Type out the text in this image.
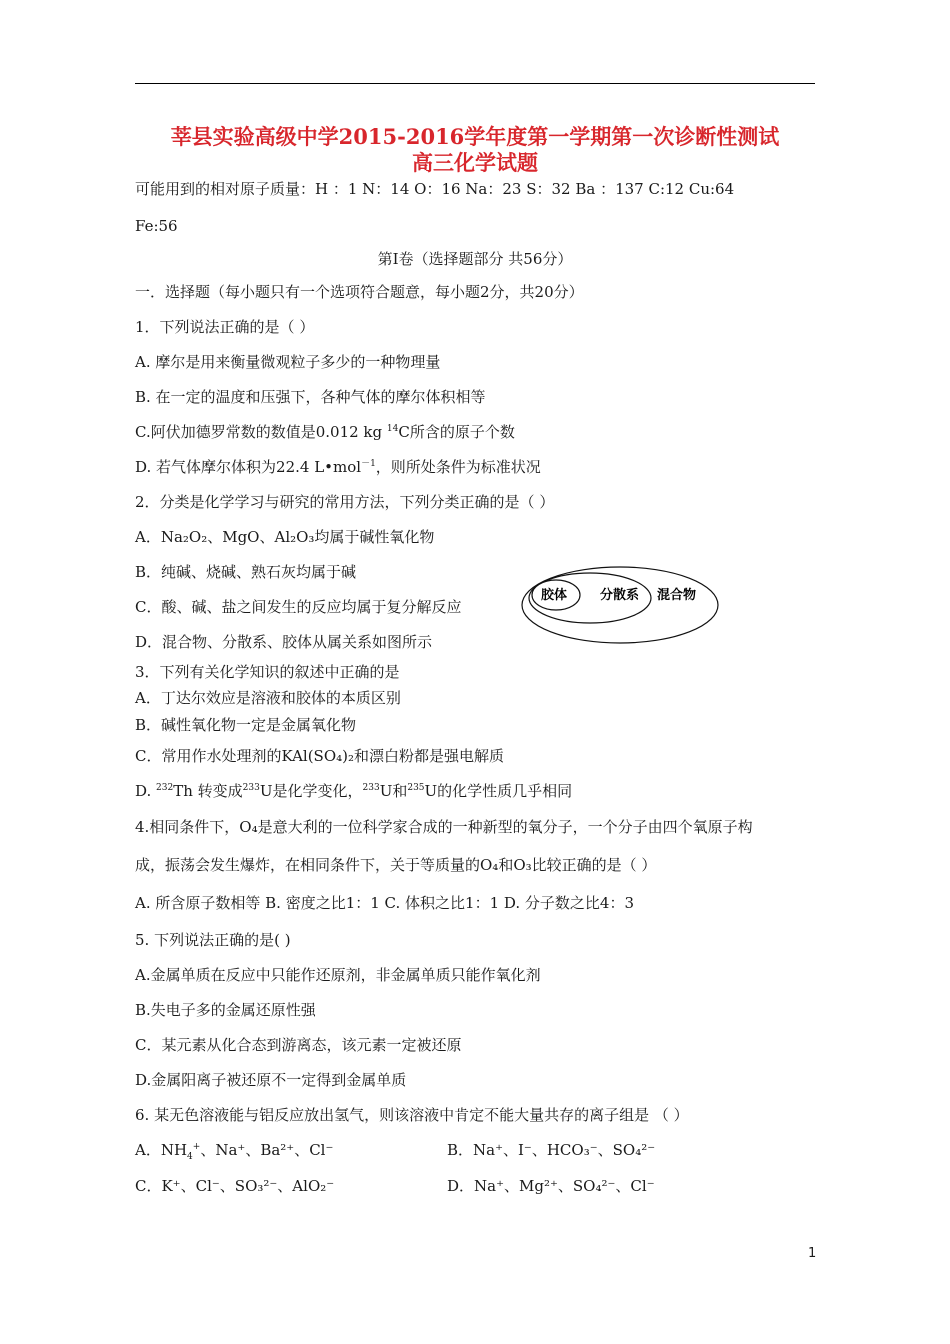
莘县实验高级中学2015-2016学年度第一学期第一次诊断性测试
高三化学试题
可能用到的相对原子质量：H ：1 N：14 O：16 Na：23 S：32 Ba ：137 C:12 Cu:64
Fe:56
第Ⅰ卷（选择题部分 共56分）
一．选择题（每小题只有一个选项符合题意，每小题2分，共20分）
1．下列说法正确的是（ ）
A. 摩尔是用来衡量微观粒子多少的一种物理量
B. 在一定的温度和压强下，各种气体的摩尔体积相等
C.阿伏加德罗常数的数值是0.012 kg $^{14}$C所含的原子个数
D. 若气体摩尔体积为22.4 L•mol$^{-1}$，则所处条件为标准状况
2．分类是化学学习与研究的常用方法，下列分类正确的是（ ）
A．Na₂O₂、MgO、Al₂O₃均属于碱性氧化物
B．纯碱、烧碱、熟石灰均属于碱
C．酸、碱、盐之间发生的反应均属于复分解反应
D．混合物、分散系、胶体从属关系如图所示
胶体	分散系 混合物
3．下列有关化学知识的叙述中正确的是
A．丁达尔效应是溶液和胶体的本质区别
B．碱性氧化物一定是金属氧化物
C．常用作水处理剂的KAl(SO₄)₂和漂白粉都是强电解质
D. $^{232}$Th 转变成$^{233}$U是化学变化，$^{233}$U和$^{235}$U的化学性质几乎相同
4.相同条件下，O₄是意大利的一位科学家合成的一种新型的氧分子，一个分子由四个氧原子构
成，振荡会发生爆炸，在相同条件下，关于等质量的O₄和O₃比较正确的是（ ）
A. 所含原子数相等 B. 密度之比1：1 C. 体积之比1：1 D. 分子数之比4：3
5. 下列说法正确的是( )
A.金属单质在反应中只能作还原剂，非金属单质只能作氧化剂
B.失电子多的金属还原性强
C．某元素从化合态到游离态，该元素一定被还原
D.金属阳离子被还原不一定得到金属单质
6. 某无色溶液能与铝反应放出氢气，则该溶液中肯定不能大量共存的离子组是 （ ）
A．$NH_4^+$、Na⁺、Ba²⁺、Cl⁻	B．Na⁺、I⁻、HCO₃⁻、SO₄²⁻
C．K⁺、Cl⁻、SO₃²⁻、AlO₂⁻	D．Na⁺、Mg²⁺、SO₄²⁻、Cl⁻
1
